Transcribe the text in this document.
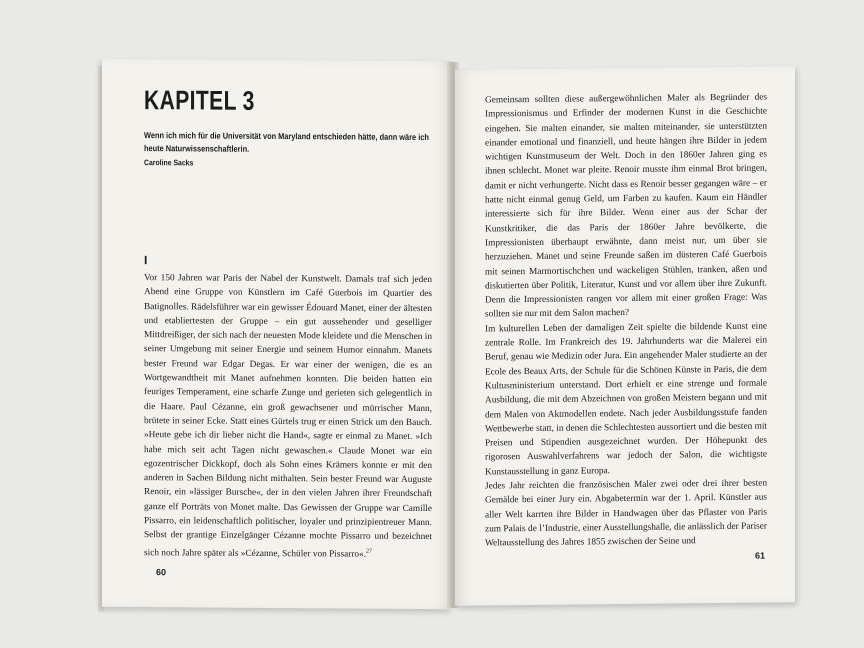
KAPITEL 3
Wenn ich mich für die Universität von Maryland entschieden hätte, dann wäre ich heute Naturwissenschaftlerin.
Caroline Sacks
I

Vor 150 Jahren war Paris der Nabel der Kunstwelt. Damals traf sich jeden Abend eine Gruppe von Künstlern im Café Guerbois im Quartier des Batignolles. Rädelsführer war ein gewisser Édouard Manet, einer der ältesten und etabliertesten der Gruppe – ein gut aussehender und geselliger Mittdreißiger, der sich nach der neuesten Mode kleidete und die Menschen in seiner Umgebung mit seiner Energie und seinem Humor einnahm. Manets bester Freund war Edgar Degas. Er war einer der wenigen, die es an Wortgewandtheit mit Manet aufnehmen konnten. Die beiden hatten ein feuriges Temperament, eine scharfe Zunge und gerieten sich gelegentlich in die Haare. Paul Cézanne, ein groß gewachsener und mürrischer Mann, brütete in seiner Ecke. Statt eines Gürtels trug er einen Strick um den Bauch. »Heute gebe ich dir lieber nicht die Hand«, sagte er einmal zu Manet. »Ich habe mich seit acht Tagen nicht gewaschen.« Claude Monet war ein egozentrischer Dickkopf, doch als Sohn eines Krämers konnte er mit den anderen in Sachen Bildung nicht mithalten. Sein bester Freund war Auguste Renoir, ein »lässiger Bursche«, der in den vielen Jahren ihrer Freundschaft ganze elf Porträts von Monet malte. Das Gewissen der Gruppe war Camille Pissarro, ein leidenschaftlich politischer, loyaler und prinzipientreuer Mann. Selbst der grantige Einzelgänger Cézanne mochte Pissarro und bezeichnet sich noch Jahre später als »Cézanne, Schüler von Pissarro«.$^{27}$

60

Gemeinsam sollten diese außergewöhnlichen Maler als Begründer des Impressionismus und Erfinder der modernen Kunst in die Geschichte eingehen. Sie malten einander, sie malten miteinander, sie unterstützten einander emotional und finanziell, und heute hängen ihre Bilder in jedem wichtigen Kunstmuseum der Welt. Doch in den 1860er Jahren ging es ihnen schlecht. Monet war pleite. Renoir musste ihm einmal Brot bringen, damit er nicht verhungerte. Nicht dass es Renoir besser gegangen wäre – er hatte nicht einmal genug Geld, um Farben zu kaufen. Kaum ein Händler interessierte sich für ihre Bilder. Wenn einer aus der Schar der Kunstkritiker, die das Paris der 1860er Jahre bevölkerte, die Impressionisten überhaupt erwähnte, dann meist nur, um über sie herzuziehen. Manet und seine Freunde saßen im düsteren Café Guerbois mit seinen Marmortischchen und wackeligen Stühlen, tranken, aßen und diskutierten über Politik, Literatur, Kunst und vor allem über ihre Zukunft. Denn die Impressionisten rangen vor allem mit einer großen Frage: Was sollten sie nur mit dem Salon machen?

Im kulturellen Leben der damaligen Zeit spielte die bildende Kunst eine zentrale Rolle. Im Frankreich des 19. Jahrhunderts war die Malerei ein Beruf, genau wie Medizin oder Jura. Ein angehender Maler studierte an der Ecole des Beaux Arts, der Schule für die Schönen Künste in Paris, die dem Kultusministerium unterstand. Dort erhielt er eine strenge und formale Ausbildung, die mit dem Abzeichnen von großen Meistern begann und mit dem Malen von Aktmodellen endete. Nach jeder Ausbildungsstufe fanden Wettbewerbe statt, in denen die Schlechtesten aussortiert und die besten mit Preisen und Stipendien ausgezeichnet wurden. Der Höhepunkt des rigorosen Auswahlverfahrens war jedoch der Salon, die wichtigste Kunstausstellung in ganz Europa.

Jedes Jahr reichten die französischen Maler zwei oder drei ihrer besten Gemälde bei einer Jury ein. Abgabetermin war der 1. April. Künstler aus aller Welt karrten ihre Bilder in Handwagen über das Pflaster von Paris zum Palais de l’Industrie, einer Ausstellungshalle, die anlässlich der Pariser Weltausstellung des Jahres 1855 zwischen der Seine und

61
